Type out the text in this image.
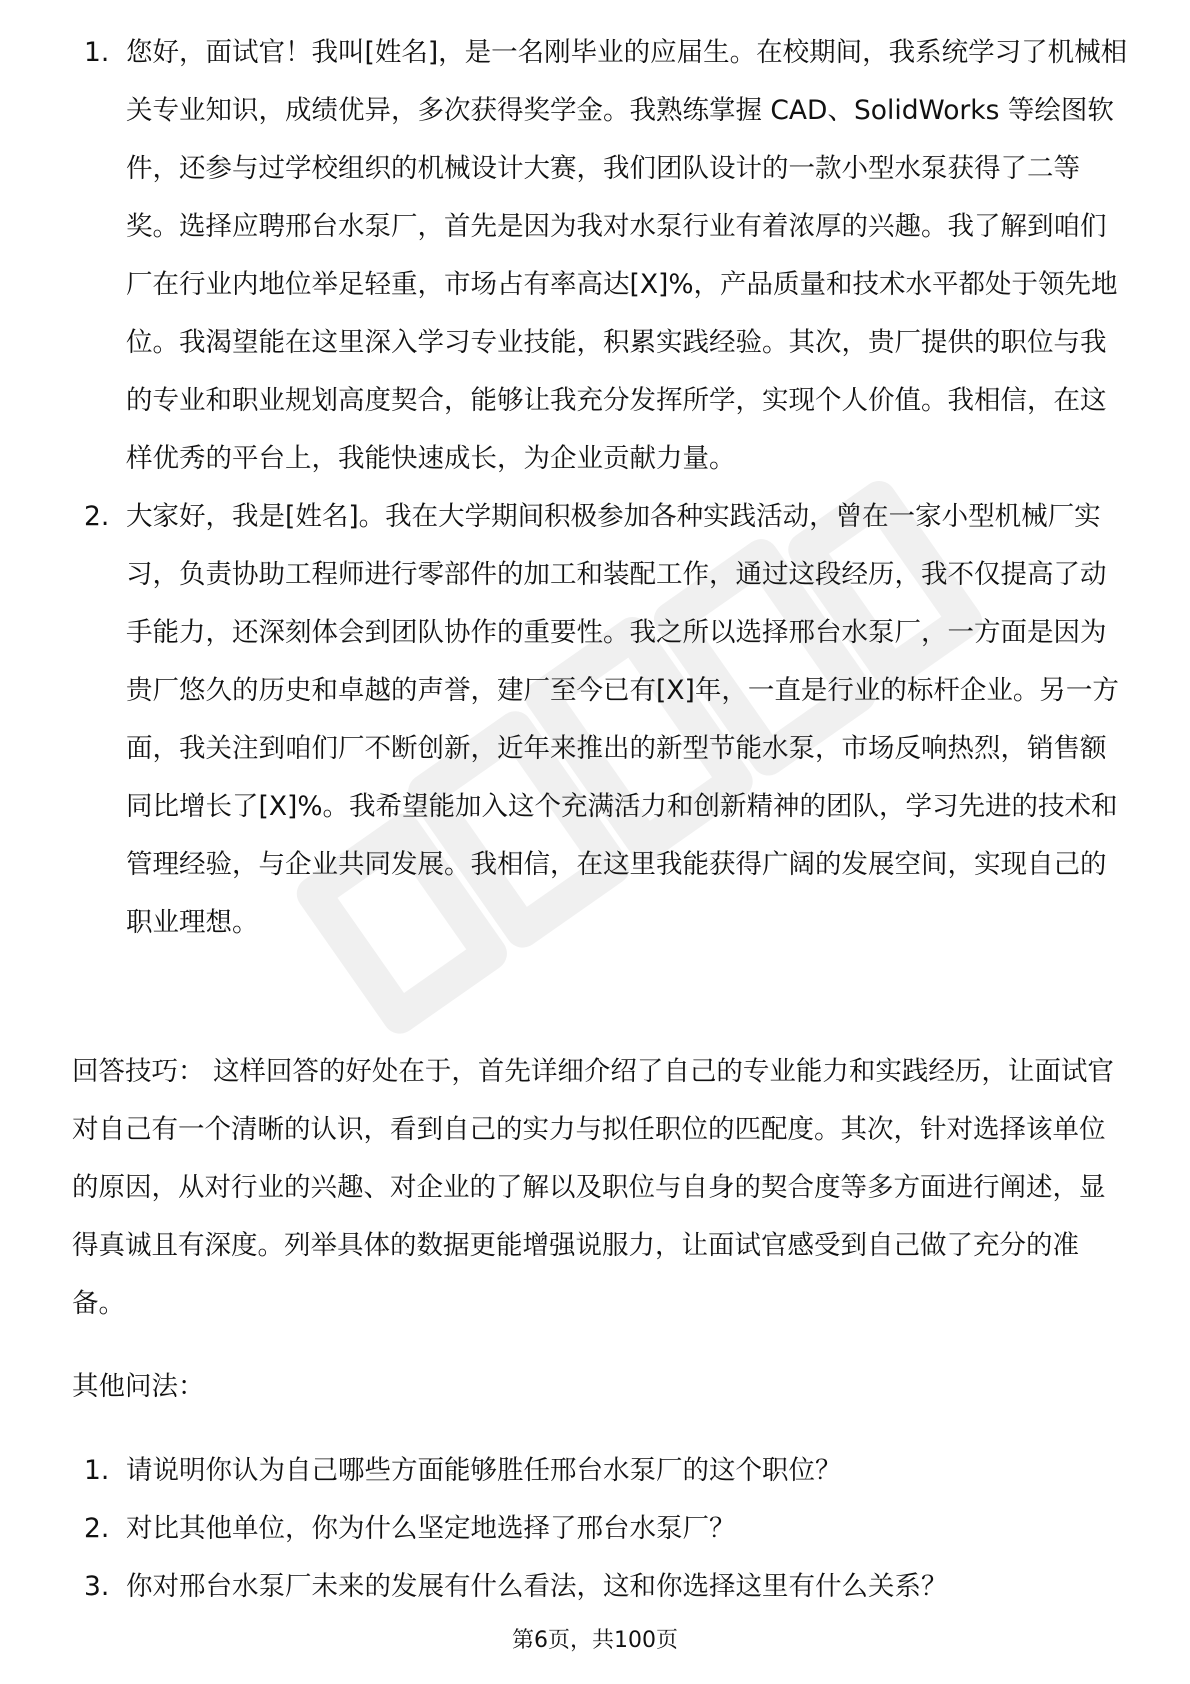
1. 您好，面试官！我叫[姓名]，是一名刚毕业的应届生。在校期间，我系统学习了机械相关专业知识，成绩优异，多次获得奖学金。我熟练掌握 CAD、SolidWorks 等绘图软件，还参与过学校组织的机械设计大赛，我们团队设计的一款小型水泵获得了二等奖。选择应聘邢台水泵厂，首先是因为我对水泵行业有着浓厚的兴趣。我了解到咱们厂在行业内地位举足轻重，市场占有率高达[X]%，产品质量和技术水平都处于领先地位。我渴望能在这里深入学习专业技能，积累实践经验。其次，贵厂提供的职位与我的专业和职业规划高度契合，能够让我充分发挥所学，实现个人价值。我相信，在这样优秀的平台上，我能快速成长，为企业贡献力量。
2. 大家好，我是[姓名]。我在大学期间积极参加各种实践活动，曾在一家小型机械厂实习，负责协助工程师进行零部件的加工和装配工作，通过这段经历，我不仅提高了动手能力，还深刻体会到团队协作的重要性。我之所以选择邢台水泵厂，一方面是因为贵厂悠久的历史和卓越的声誉，建厂至今已有[X]年，一直是行业的标杆企业。另一方面，我关注到咱们厂不断创新，近年来推出的新型节能水泵，市场反响热烈，销售额同比增长了[X]%。我希望能加入这个充满活力和创新精神的团队，学习先进的技术和管理经验，与企业共同发展。我相信，在这里我能获得广阔的发展空间，实现自己的职业理想。

回答技巧： 这样回答的好处在于，首先详细介绍了自己的专业能力和实践经历，让面试官对自己有一个清晰的认识，看到自己的实力与拟任职位的匹配度。其次，针对选择该单位的原因，从对行业的兴趣、对企业的了解以及职位与自身的契合度等多方面进行阐述，显得真诚且有深度。列举具体的数据更能增强说服力，让面试官感受到自己做了充分的准备。

其他问法：

1. 请说明你认为自己哪些方面能够胜任邢台水泵厂的这个职位？
2. 对比其他单位，你为什么坚定地选择了邢台水泵厂？
3. 你对邢台水泵厂未来的发展有什么看法，这和你选择这里有什么关系？
第6页，共100页
